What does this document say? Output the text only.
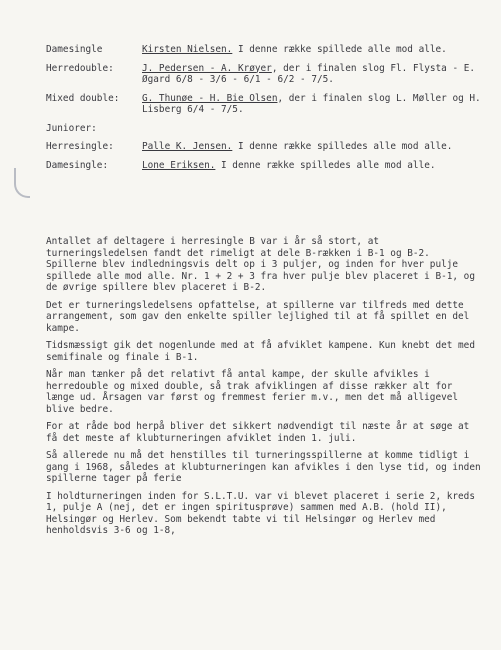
Damesingle	Kirsten Nielsen. I denne række spillede alle mod alle.
Herredouble:	J. Pedersen - A. Krøyer, der i finalen slog Fl. Flysta - E. Øgard 6/8 - 3/6 - 6/1 - 6/2 - 7/5.
Mixed double:	G. Thunøe - H. Bie Olsen, der i finalen slog L. Møller og H. Lisberg 6/4 - 7/5.
Juniorer:
Herresingle:	Palle K. Jensen. I denne række spilledes alle mod alle.
Damesingle:	Lone Eriksen. I denne række spilledes alle mod alle.

Antallet af deltagere i herresingle B var i år så stort, at turneringsledelsen fandt det rimeligt at dele B-rækken i B-1 og B-2. Spillerne blev indledningsvis delt op i 3 puljer, og inden for hver pulje spillede alle mod alle. Nr. 1 + 2 + 3 fra hver pulje blev placeret i B-1, og de øvrige spillere blev placeret i B-2.

Det er turneringsledelsens opfattelse, at spillerne var tilfreds med dette arrangement, som gav den enkelte spiller lejlighed til at få spillet en del kampe.

Tidsmæssigt gik det nogenlunde med at få afviklet kampene. Kun knebt det med semifinale og finale i B-1.

Når man tænker på det relativt få antal kampe, der skulle afvikles i herredouble og mixed double, så trak afviklingen af disse rækker alt for længe ud. Årsagen var først og fremmest ferier m.v., men det må alligevel blive bedre.

For at råde bod herpå bliver det sikkert nødvendigt til næste år at søge at få det meste af klubturneringen afviklet inden 1. juli.

Så allerede nu må det henstilles til turneringsspillerne at komme tidligt i gang i 1968, således at klubturneringen kan afvikles i den lyse tid, og inden spillerne tager på ferie

I holdturneringen inden for S.L.T.U. var vi blevet placeret i serie 2, kreds 1, pulje A (nej, det er ingen spiritusprøve) sammen med A.B. (hold II), Helsingør og Herlev. Som bekendt tabte vi til Helsingør og Herlev med henholdsvis 3-6 og 1-8,
